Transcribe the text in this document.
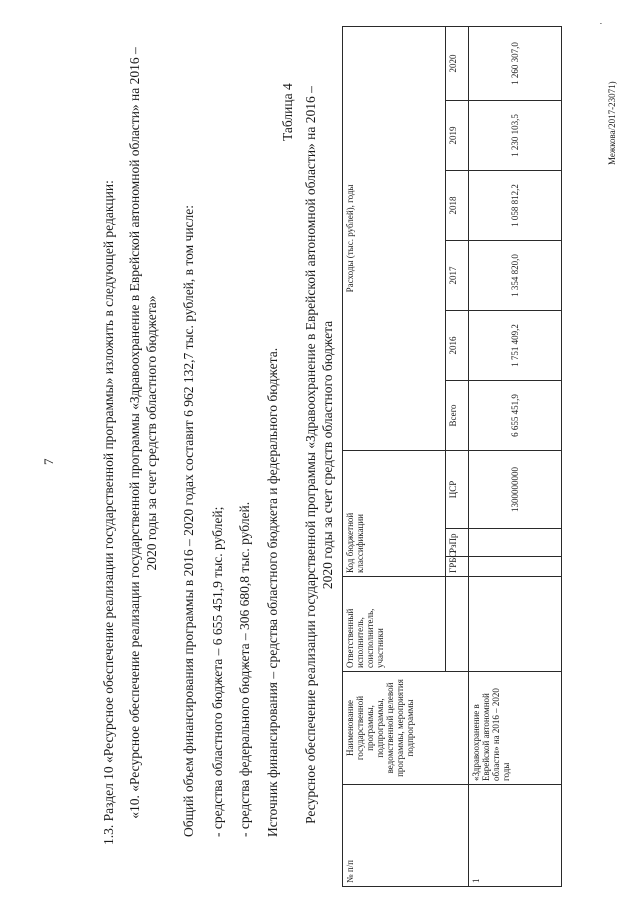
7	1.3. Раздел 10 «Ресурсное обеспечение реализации государственной программы» изложить в следующей редакции: «10. «Ресурсное обеспечение реализации государственной программы «Здравоохранение в Еврейской автономной области» на 2016 – 2020 годы за счет средств областного бюджета» Общий объем финансирования программы в 2016 – 2020 годах составит 6 962 132,7 тыс. рублей, в том числе: - средства областного бюджета – 6 655 451,9 тыс. рублей; - средства федерального бюджета – 306 680,8 тыс. рублей. Источник финансирования – средства областного бюджета и федерального бюджета.
Таблица 4 Ресурсное обеспечение реализации государственной программы «Здравоохранение в Еврейской автономной области» на 2016 – 2020 годы за счет средств областного бюджета
№ п/п	Наименование государственной программы, подпрограммы, ведомственной целевой программы, мероприятия подпрограммы	Ответственный исполнитель, соисполнитель, участники	Код бюджетной классификации			Расходы (тыс. рублей), годы					
						Всего	2016	2017	2018	2019	2020
			ГРБС	РзПр	ЦСР						
1	«Здравоохранение в Еврейской автономной области» на 2016 – 2020 годы				1300000000	6 655 451,9	1 751 409,2	1 354 820,0	1 058 812,2	1 230 103,5	1 260 307,0
Межкова/2017-23071)
·
